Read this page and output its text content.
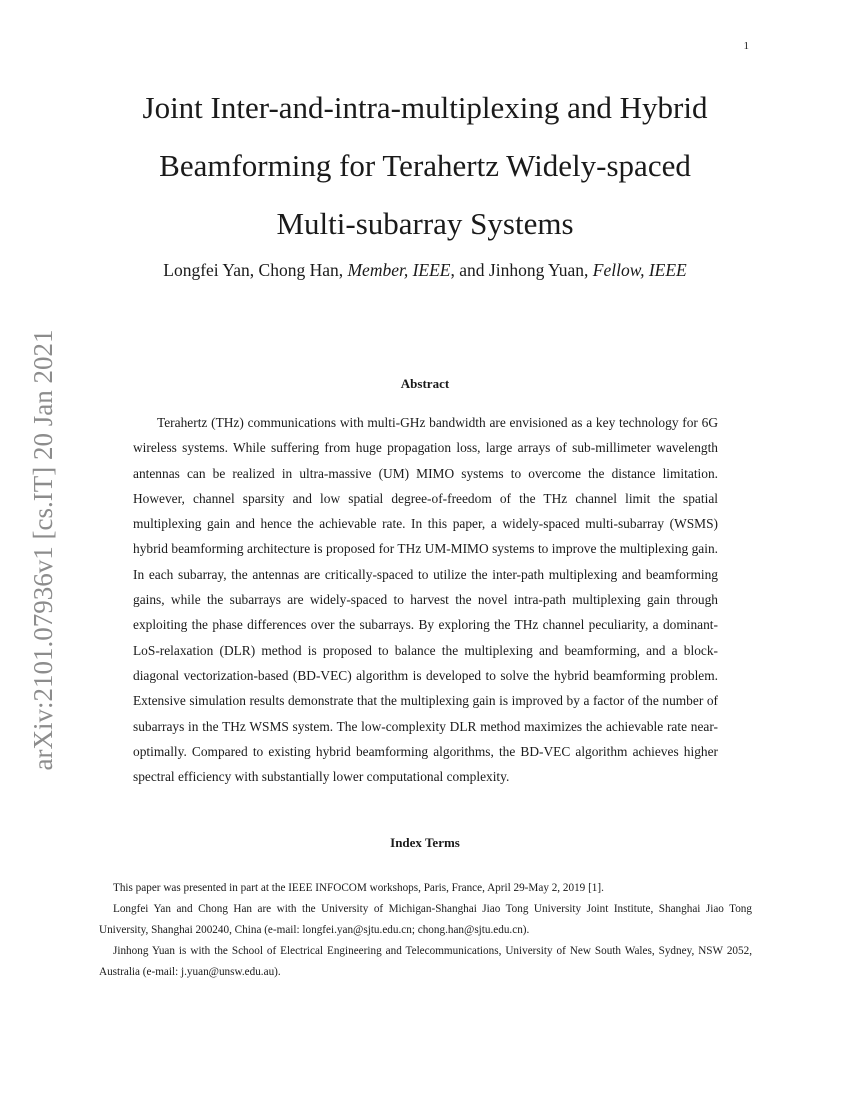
1
arXiv:2101.07936v1 [cs.IT] 20 Jan 2021
Joint Inter-and-intra-multiplexing and Hybrid
Beamforming for Terahertz Widely-spaced
Multi-subarray Systems
Longfei Yan, Chong Han, Member, IEEE, and Jinhong Yuan, Fellow, IEEE
Abstract

Terahertz (THz) communications with multi-GHz bandwidth are envisioned as a key technology for 6G wireless systems. While suffering from huge propagation loss, large arrays of sub-millimeter wavelength antennas can be realized in ultra-massive (UM) MIMO systems to overcome the distance limitation. However, channel sparsity and low spatial degree-of-freedom of the THz channel limit the spatial multiplexing gain and hence the achievable rate. In this paper, a widely-spaced multi-subarray (WSMS) hybrid beamforming architecture is proposed for THz UM-MIMO systems to improve the multiplexing gain. In each subarray, the antennas are critically-spaced to utilize the inter-path multiplexing and beamforming gains, while the subarrays are widely-spaced to harvest the novel intra-path multiplexing gain through exploiting the phase differences over the subarrays. By exploring the THz channel peculiarity, a dominant-LoS-relaxation (DLR) method is proposed to balance the multiplexing and beamforming, and a block-diagonal vectorization-based (BD-VEC) algorithm is developed to solve the hybrid beamforming problem. Extensive simulation results demonstrate that the multiplexing gain is improved by a factor of the number of subarrays in the THz WSMS system. The low-complexity DLR method maximizes the achievable rate near-optimally. Compared to existing hybrid beamforming algorithms, the BD-VEC algorithm achieves higher spectral efficiency with substantially lower computational complexity.

Index Terms

This paper was presented in part at the IEEE INFOCOM workshops, Paris, France, April 29-May 2, 2019 [1].

Longfei Yan and Chong Han are with the University of Michigan-Shanghai Jiao Tong University Joint Institute, Shanghai Jiao Tong University, Shanghai 200240, China (e-mail: longfei.yan@sjtu.edu.cn; chong.han@sjtu.edu.cn).

Jinhong Yuan is with the School of Electrical Engineering and Telecommunications, University of New South Wales, Sydney, NSW 2052, Australia (e-mail: j.yuan@unsw.edu.au).
